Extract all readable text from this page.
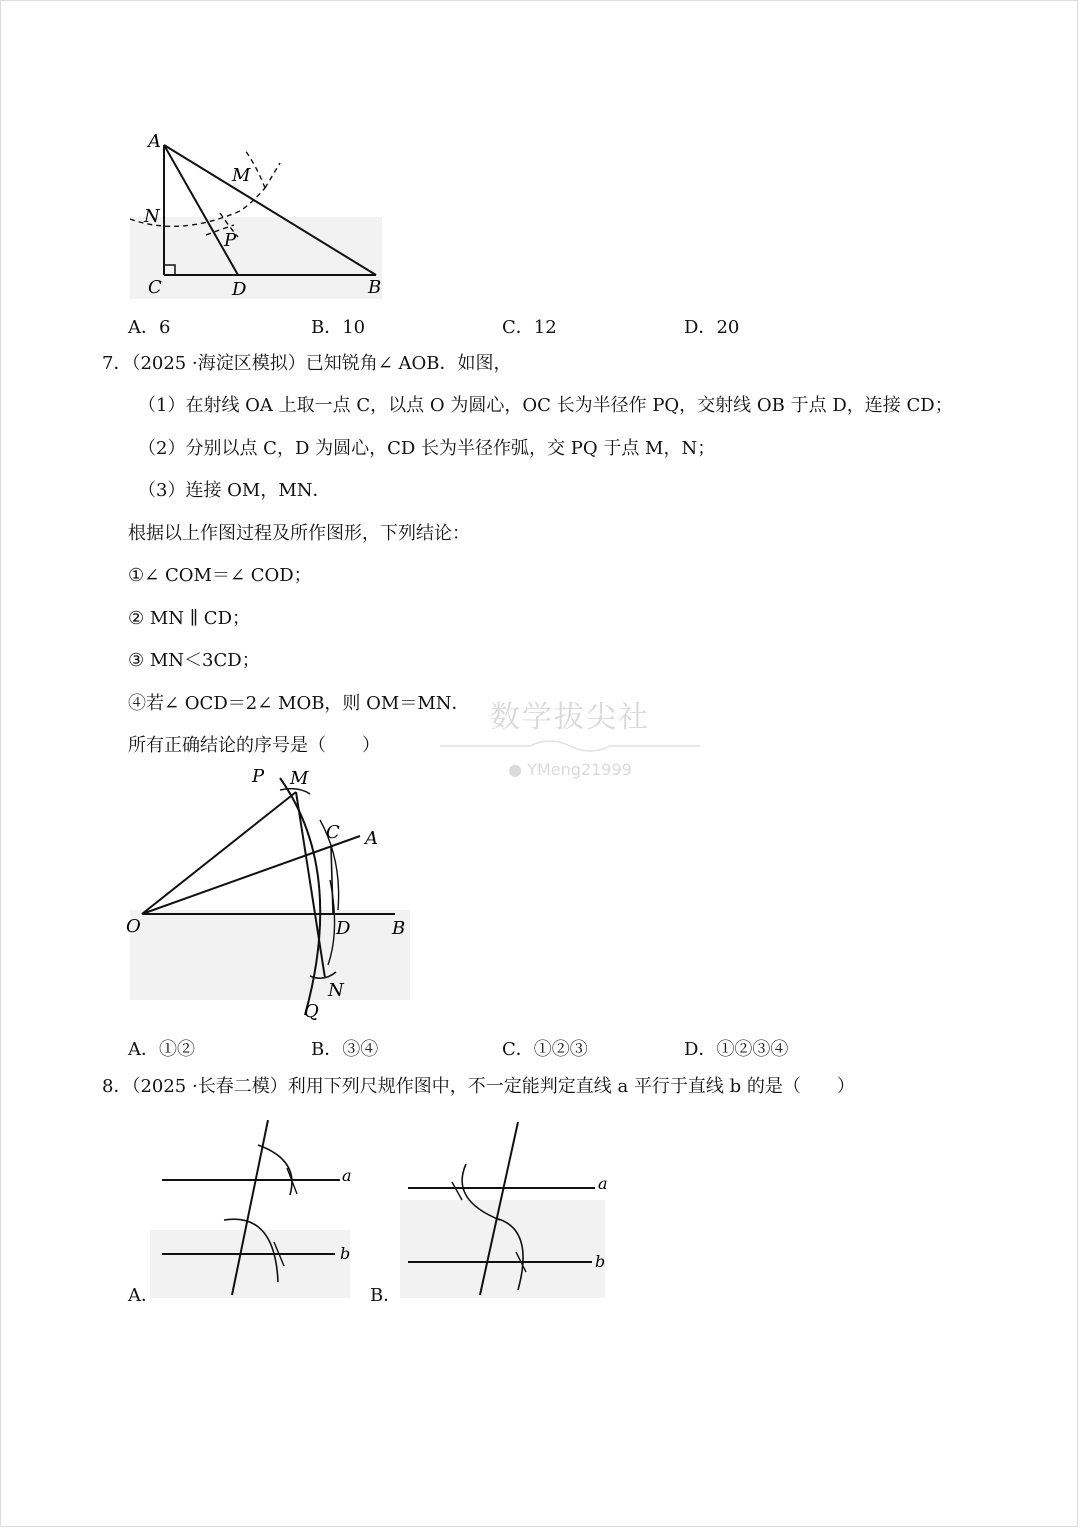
A
M
N
P
C	D	B
A．6	B．10	C．12	D．20
7．（2025 ·海淀区模拟）已知锐角∠ AOB．如图，
（1）在射线 OA 上取一点 C，以点 O 为圆心，OC 长为半径作 PQ，交射线 OB 于点 D，连接 CD；
（2）分别以点 C，D 为圆心，CD 长为半径作弧，交 PQ 于点 M，N；
（3）连接 OM，MN．
根据以上作图过程及所作图形，下列结论：
①∠ COM＝∠ COD；
② MN ∥ CD；
③ MN＜3CD；
④若∠ OCD＝2∠ MOB，则 OM＝MN．
所有正确结论的序号是（　　）
数学拔尖社
● YMeng21999
P M
C A
O	D B
N
Q
A．①②	B．③④	C．①②③	D．①②③④
8．（2025 ·长春二模）利用下列尺规作图中，不一定能判定直线 a 平行于直线 b 的是（　　）
a
b
a
b
A．	B．
